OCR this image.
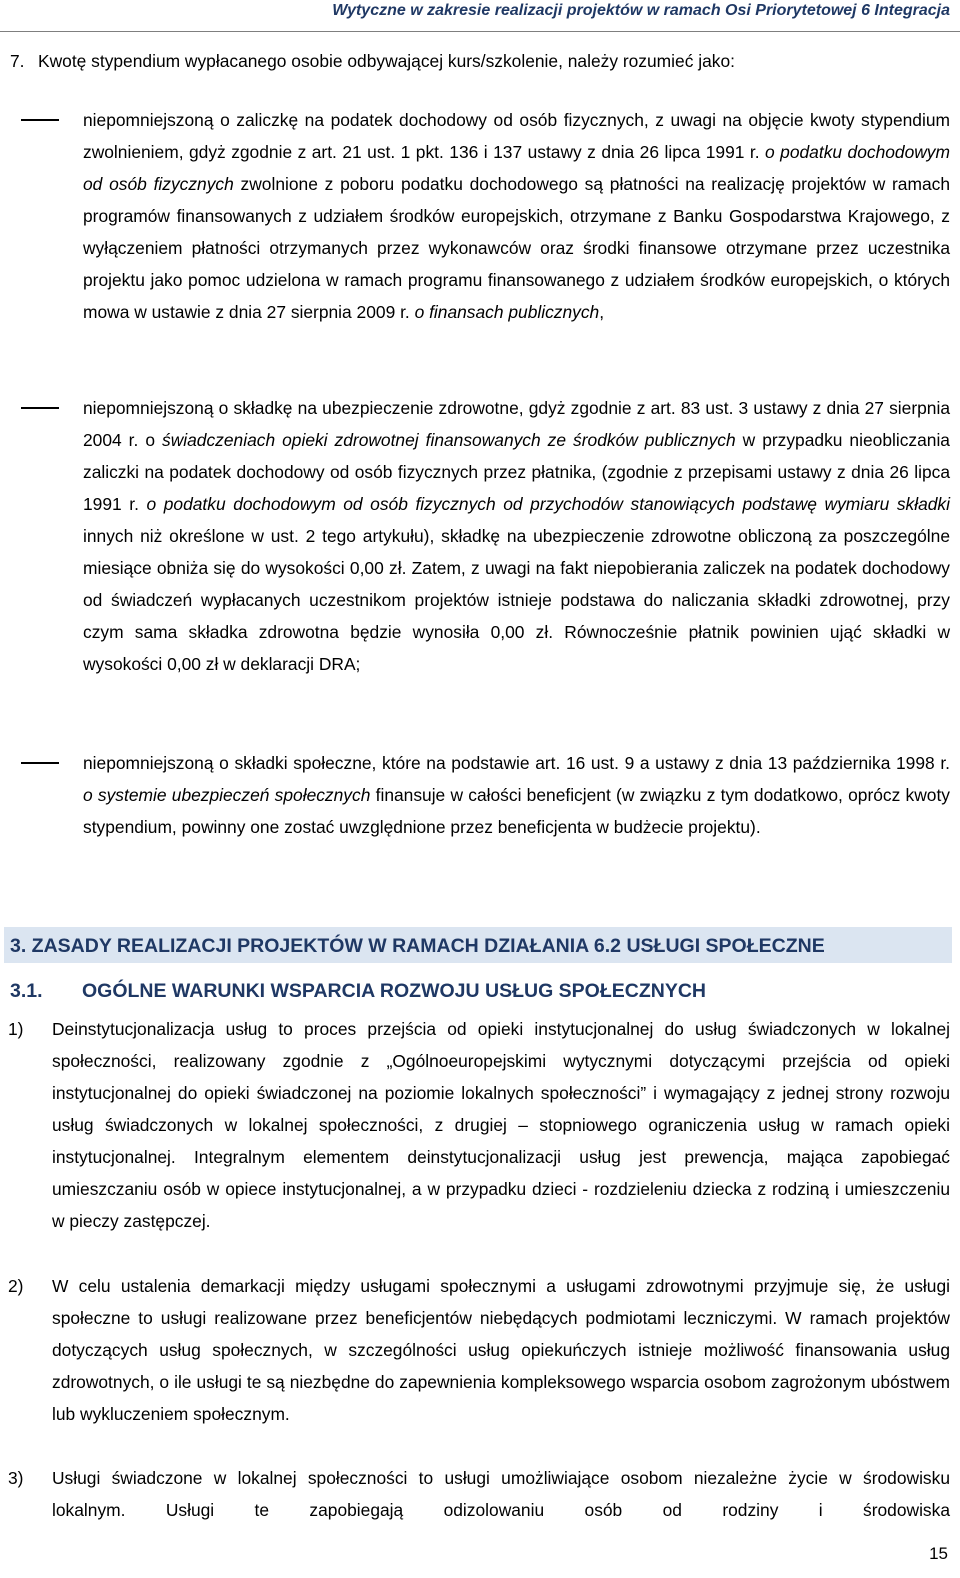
Wytyczne w zakresie realizacji projektów w ramach Osi Priorytetowej 6 Integracja
7. Kwotę stypendium wypłacanego osobie odbywającej kurs/szkolenie, należy rozumieć jako:

niepomniejszoną o zaliczkę na podatek dochodowy od osób fizycznych, z uwagi na objęcie kwoty stypendium zwolnieniem, gdyż zgodnie z art. 21 ust. 1 pkt. 136 i 137 ustawy z dnia 26 lipca 1991 r. o podatku dochodowym od osób fizycznych zwolnione z poboru podatku dochodowego są płatności na realizację projektów w ramach programów finansowanych z udziałem środków europejskich, otrzymane z Banku Gospodarstwa Krajowego, z wyłączeniem płatności otrzymanych przez wykonawców oraz środki finansowe otrzymane przez uczestnika projektu jako pomoc udzielona w ramach programu finansowanego z udziałem środków europejskich, o których mowa w ustawie z dnia 27 sierpnia 2009 r. o finansach publicznych,

niepomniejszoną o składkę na ubezpieczenie zdrowotne, gdyż zgodnie z art. 83 ust. 3 ustawy z dnia 27 sierpnia 2004 r. o świadczeniach opieki zdrowotnej finansowanych ze środków publicznych w przypadku nieobliczania zaliczki na podatek dochodowy od osób fizycznych przez płatnika, (zgodnie z przepisami ustawy z dnia 26 lipca 1991 r. o podatku dochodowym od osób fizycznych od przychodów stanowiących podstawę wymiaru składki innych niż określone w ust. 2 tego artykułu), składkę na ubezpieczenie zdrowotne obliczoną za poszczególne miesiące obniża się do wysokości 0,00 zł. Zatem, z uwagi na fakt niepobierania zaliczek na podatek dochodowy od świadczeń wypłacanych uczestnikom projektów istnieje podstawa do naliczania składki zdrowotnej, przy czym sama składka zdrowotna będzie wynosiła 0,00 zł. Równocześnie płatnik powinien ująć składki w wysokości 0,00 zł w deklaracji DRA;

niepomniejszoną o składki społeczne, które na podstawie art. 16 ust. 9 a ustawy z dnia 13 października 1998 r. o systemie ubezpieczeń społecznych finansuje w całości beneficjent (w związku z tym dodatkowo, oprócz kwoty stypendium, powinny one zostać uwzględnione przez beneficjenta w budżecie projektu).

3. ZASADY REALIZACJI PROJEKTÓW W RAMACH DZIAŁANIA 6.2 USŁUGI SPOŁECZNE
3.1. OGÓLNE WARUNKI WSPARCIA ROZWOJU USŁUG SPOŁECZNYCH
1) Deinstytucjonalizacja usług to proces przejścia od opieki instytucjonalnej do usług świadczonych w lokalnej społeczności, realizowany zgodnie z „Ogólnoeuropejskimi wytycznymi dotyczącymi przejścia od opieki instytucjonalnej do opieki świadczonej na poziomie lokalnych społeczności” i wymagający z jednej strony rozwoju usług świadczonych w lokalnej społeczności, z drugiej – stopniowego ograniczenia usług w ramach opieki instytucjonalnej. Integralnym elementem deinstytucjonalizacji usług jest prewencja, mająca zapobiegać umieszczaniu osób w opiece instytucjonalnej, a w przypadku dzieci - rozdzieleniu dziecka z rodziną i umieszczeniu w pieczy zastępczej.

2) W celu ustalenia demarkacji między usługami społecznymi a usługami zdrowotnymi przyjmuje się, że usługi społeczne to usługi realizowane przez beneficjentów niebędących podmiotami leczniczymi. W ramach projektów dotyczących usług społecznych, w szczególności usług opiekuńczych istnieje możliwość finansowania usług zdrowotnych, o ile usługi te są niezbędne do zapewnienia kompleksowego wsparcia osobom zagrożonym ubóstwem lub wykluczeniem społecznym.

3) Usługi świadczone w lokalnej społeczności to usługi umożliwiające osobom niezależne życie w środowisku lokalnym. Usługi te zapobiegają odizolowaniu osób od rodziny i środowiska

15
